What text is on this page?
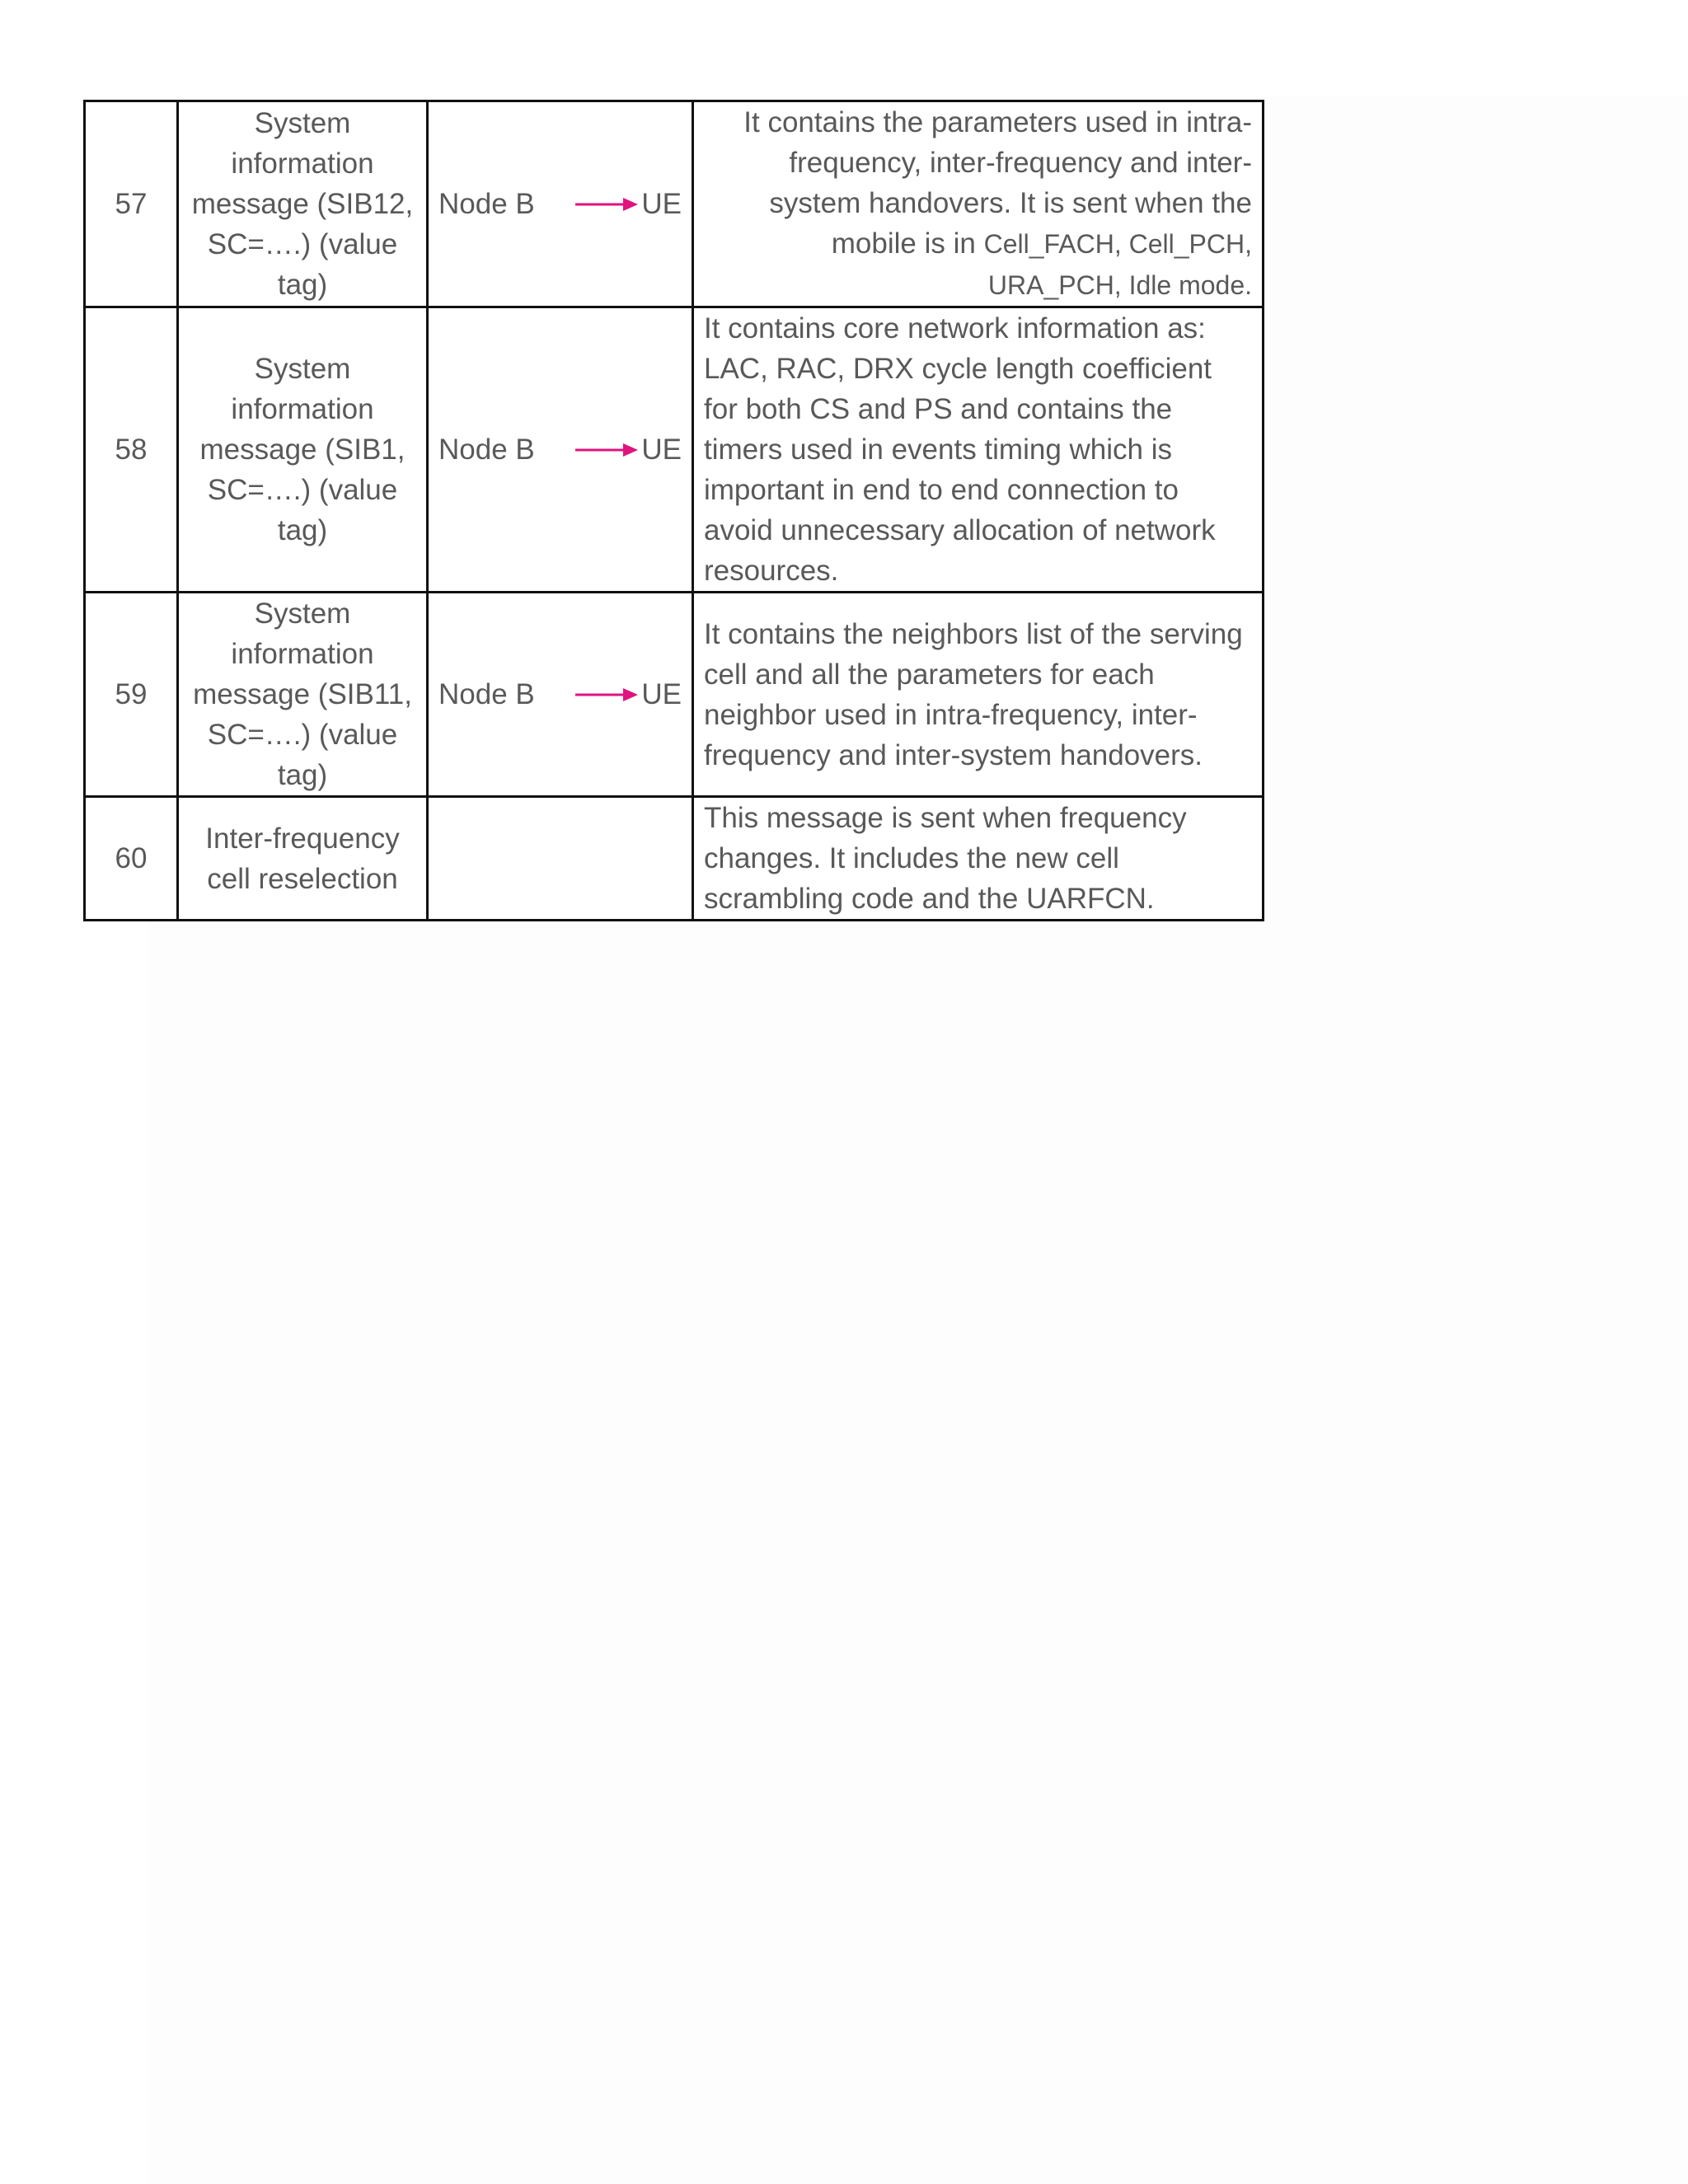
57	System information message (SIB12, SC=….) (value tag)	Node B UE	It contains the parameters used in intra-frequency, inter-frequency and inter-system handovers. It is sent when the mobile is in Cell_FACH, Cell_PCH, URA_PCH, Idle mode.
58	System information message (SIB1, SC=….) (value tag)	Node B UE	It contains core network information as: LAC, RAC, DRX cycle length coefficient for both CS and PS and contains the timers used in events timing which is important in end to end connection to avoid unnecessary allocation of network resources.
59	System information message (SIB11, SC=….) (value tag)	Node B UE	It contains the neighbors list of the serving cell and all the parameters for each neighbor used in intra-frequency, inter-frequency and inter-system handovers.
60	Inter-frequency cell reselection		This message is sent when frequency changes. It includes the new cell scrambling code and the UARFCN.
